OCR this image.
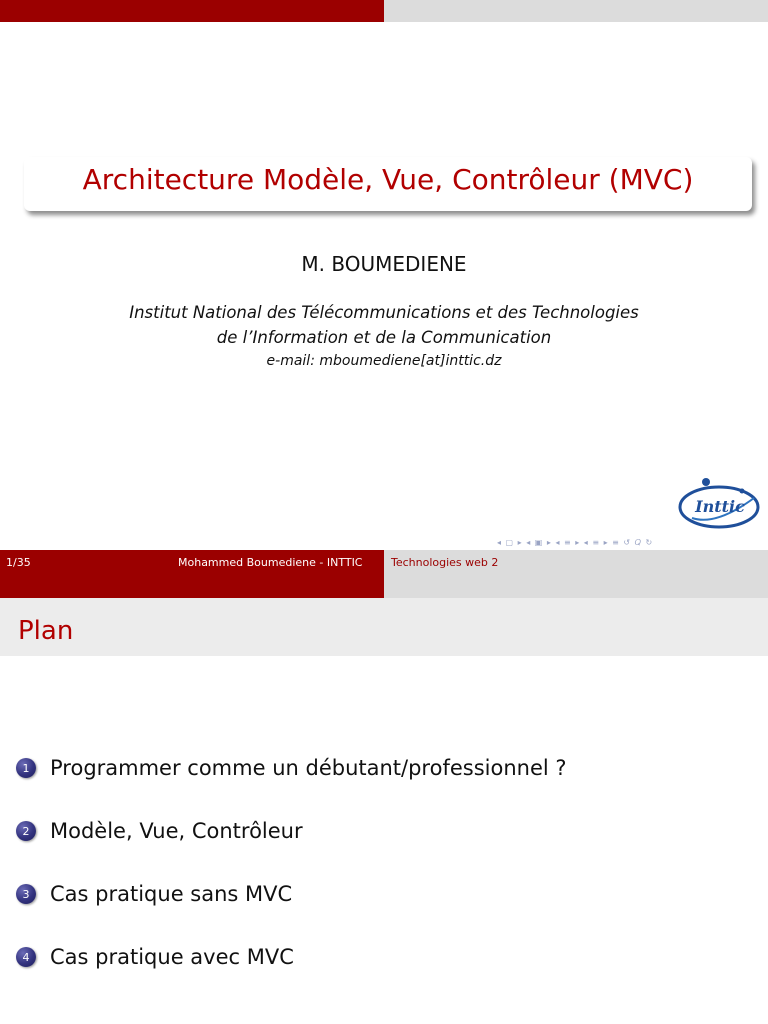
Architecture Modèle, Vue, Contrôleur (MVC)
M. BOUMEDIENE
Institut National des Télécommunications et des Technologies
de l’Information et de la Communication
e-mail: mboumediene[at]inttic.dz
Inttic
◂ ▢ ▸ ◂ ▣ ▸ ◂ ≡ ▸ ◂ ≡ ▸ ≡ ↺ 𝑄 ↻
1/35	Mohammed Boumediene - INTTIC	Technologies web 2
Plan
1 Programmer comme un débutant/professionnel ?
2 Modèle, Vue, Contrôleur
3 Cas pratique sans MVC
4 Cas pratique avec MVC
